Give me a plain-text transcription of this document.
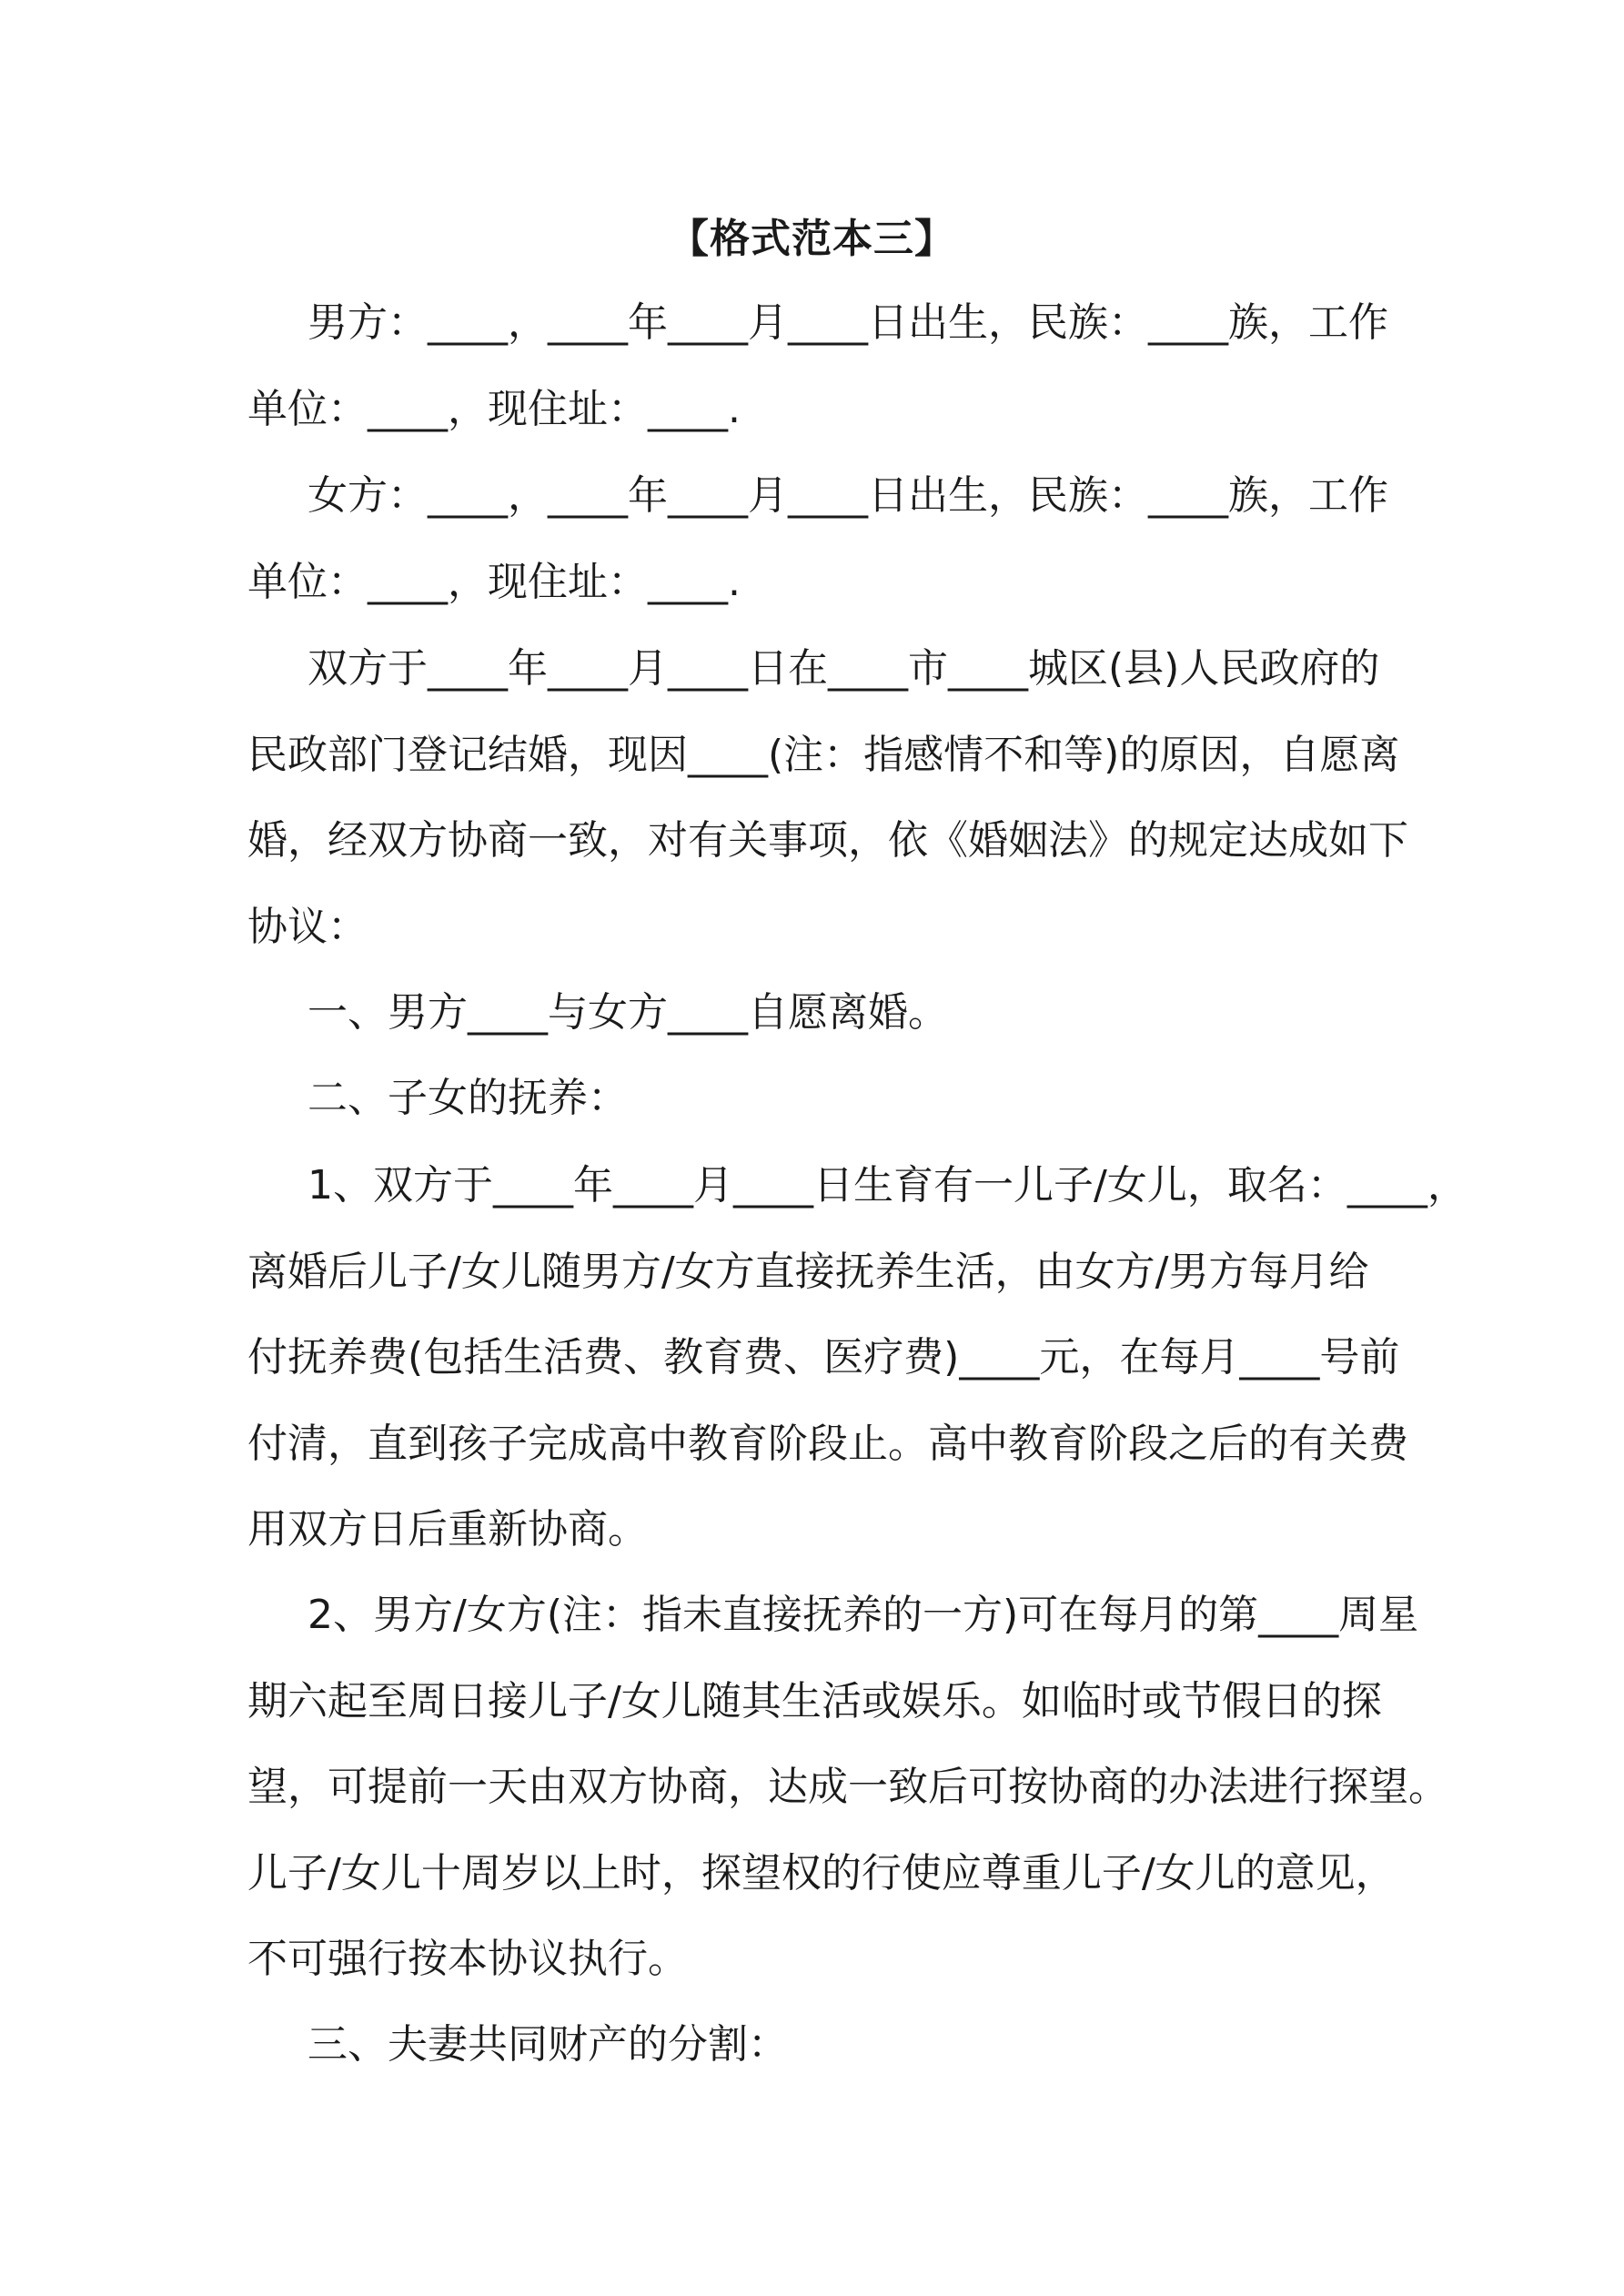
【格式范本三】
男方：____，____年____月____日出生，民族：____族，工作
单位：____，现住址：____.
女方：____，____年____月____日出生，民族：____族，工作
单位：____，现住址：____.
双方于____年____月____日在____市____城区(县)人民政府的
民政部门登记结婚，现因____(注：指感情不和等)的原因，自愿离
婚，经双方协商一致，对有关事项，依《婚姻法》的规定达成如下
协议：
一、男方____与女方____自愿离婚。
二、子女的抚养：
1、双方于____年____月____日生育有一儿子/女儿，取名：____，
离婚后儿子/女儿随男方/女方直接抚养生活，由女方/男方每月给
付抚养费(包括生活费、教育费、医疗费)____元，在每月____号前
付清，直到孩子完成高中教育阶段止。高中教育阶段之后的有关费
用双方日后重新协商。
2、男方/女方(注：指未直接抚养的一方)可在每月的第____周星
期六起至周日接儿子/女儿随其生活或娱乐。如临时或节假日的探
望，可提前一天由双方协商，达成一致后可按协商的办法进行探望。
儿子/女儿十周岁以上时，探望权的行使应尊重儿子/女儿的意见，
不可强行按本协议执行。
三、夫妻共同财产的分割：
